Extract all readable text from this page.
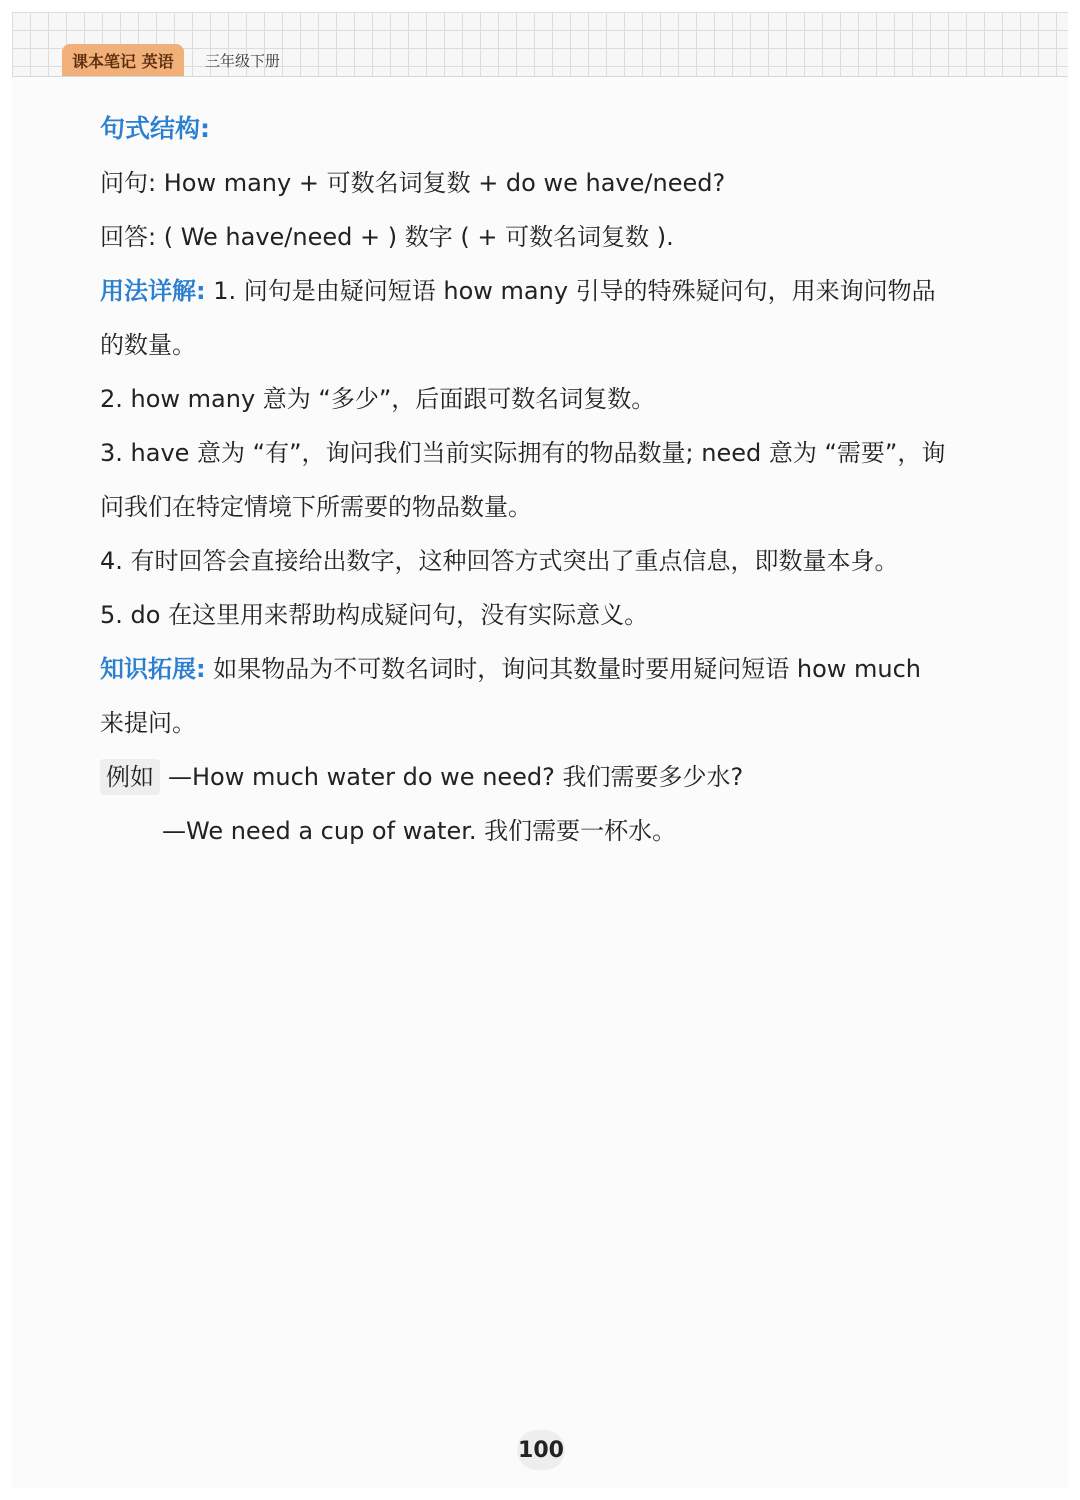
课本笔记 英语	三年级下册
句式结构:
问句: How many + 可数名词复数 + do we have/need?
回答: ( We have/need + ) 数字 ( + 可数名词复数 ).
用法详解: 1. 问句是由疑问短语 how many 引导的特殊疑问句，用来询问物品
的数量。
2. how many 意为 “多少”，后面跟可数名词复数。
3. have 意为 “有”，询问我们当前实际拥有的物品数量; need 意为 “需要”，询
问我们在特定情境下所需要的物品数量。
4. 有时回答会直接给出数字，这种回答方式突出了重点信息，即数量本身。
5. do 在这里用来帮助构成疑问句，没有实际意义。
知识拓展: 如果物品为不可数名词时，询问其数量时要用疑问短语 how much
来提问。
例如 —How much water do we need? 我们需要多少水?
—We need a cup of water. 我们需要一杯水。
100
